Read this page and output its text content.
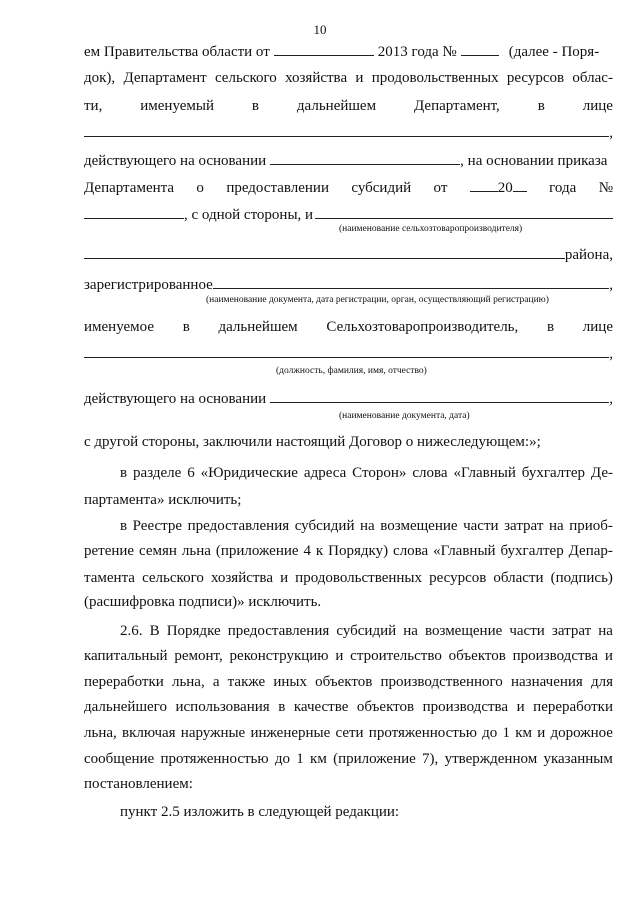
10
ем Правительства области от	2013 года №	(далее - Поря-
док), Департамент сельского хозяйства и продовольственных ресурсов облас-
ти,	именуемый	в	дальнейшем	Департамент,	в	лице
,
действующего на основании	, на основании приказа
Департамента о предоставлении субсидий от	20 года №
, с одной стороны, и
(наименование сельхозтоваропроизводителя)
района,
зарегистрированное	,
(наименование документа, дата регистрации, орган, осуществляющий регистрацию)
именуемое в дальнейшем Сельхозтоваропроизводитель, в лице
,
(должность, фамилия, имя, отчество)
действующего на основании	,
(наименование документа, дата)
с другой стороны, заключили настоящий Договор о нижеследующем:»;
в разделе 6 «Юридические адреса Сторон» слова «Главный бухгалтер Де-
партамента» исключить;
в Реестре предоставления субсидий на возмещение части затрат на приоб-
ретение семян льна (приложение 4 к Порядку) слова «Главный бухгалтер Депар-
тамента сельского хозяйства и продовольственных ресурсов области (подпись)
(расшифровка подписи)» исключить.
2.6. В Порядке предоставления субсидий на возмещение части затрат на
капитальный ремонт, реконструкцию и строительство объектов производства и
переработки льна, а также иных объектов производственного назначения для
дальнейшего использования в качестве объектов производства и переработки
льна, включая наружные инженерные сети протяженностью до 1 км и дорожное
сообщение протяженностью до 1 км (приложение 7), утвержденном указанным
постановлением:
пункт 2.5 изложить в следующей редакции:
